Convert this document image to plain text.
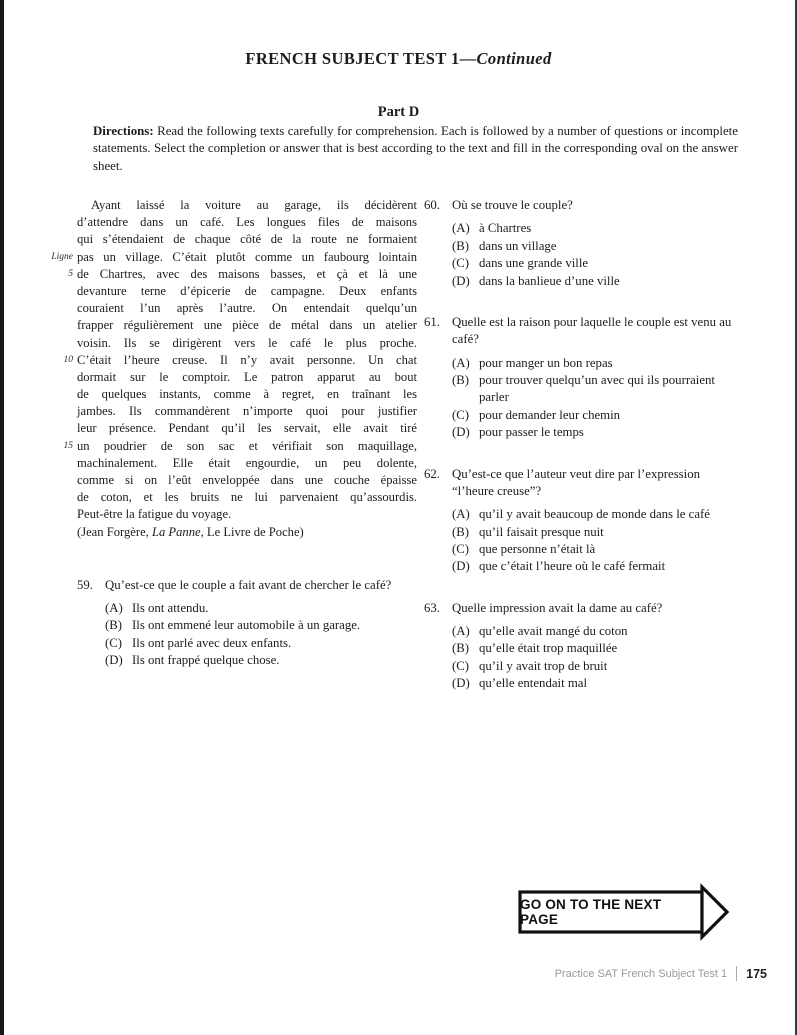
FRENCH SUBJECT TEST 1—Continued
Part D
Directions: Read the following texts carefully for comprehension. Each is followed by a number of questions or incomplete statements. Select the completion or answer that is best according to the text and fill in the corresponding oval on the answer sheet.
Ayant laissé la voiture au garage, ils décidèrent
d’attendre dans un café. Les longues files de maisons
qui s’étendaient de chaque côté de la route ne formaient
Ligne pas un village. C’était plutôt comme un faubourg lointain
5 de Chartres, avec des maisons basses, et çà et là une
devanture terne d’épicerie de campagne. Deux enfants
couraient l’un après l’autre. On entendait quelqu’un
frapper régulièrement une pièce de métal dans un atelier
voisin. Ils se dirigèrent vers le café le plus proche.
10 C’était l’heure creuse. Il n’y avait personne. Un chat
dormait sur le comptoir. Le patron apparut au bout
de quelques instants, comme à regret, en traînant les
jambes. Ils commandèrent n’importe quoi pour justifier
leur présence. Pendant qu’il les servait, elle avait tiré
15 un poudrier de son sac et vérifiait son maquillage,
machinalement. Elle était engourdie, un peu dolente,
comme si on l’eût enveloppée dans une couche épaisse
de coton, et les bruits ne lui parvenaient qu’assourdis.
Peut-être la fatigue du voyage.
(Jean Forgère, La Panne, Le Livre de Poche)
59. Qu’est-ce que le couple a fait avant de chercher le café?
(A) Ils ont attendu.
(B) Ils ont emmené leur automobile à un garage.
(C) Ils ont parlé avec deux enfants.
(D) Ils ont frappé quelque chose.
60. Où se trouve le couple?
(A) à Chartres
(B) dans un village
(C) dans une grande ville
(D) dans la banlieue d’une ville
61. Quelle est la raison pour laquelle le couple est venu au café?
(A) pour manger un bon repas
(B) pour trouver quelqu’un avec qui ils pourraient parler
(C) pour demander leur chemin
(D) pour passer le temps
62. Qu’est-ce que l’auteur veut dire par l’expression “l’heure creuse”?
(A) qu’il y avait beaucoup de monde dans le café
(B) qu’il faisait presque nuit
(C) que personne n’était là
(D) que c’était l’heure où le café fermait
63. Quelle impression avait la dame au café?
(A) qu’elle avait mangé du coton
(B) qu’elle était trop maquillée
(C) qu’il y avait trop de bruit
(D) qu’elle entendait mal
GO ON TO THE NEXT PAGE
Practice SAT French Subject Test 1 175
